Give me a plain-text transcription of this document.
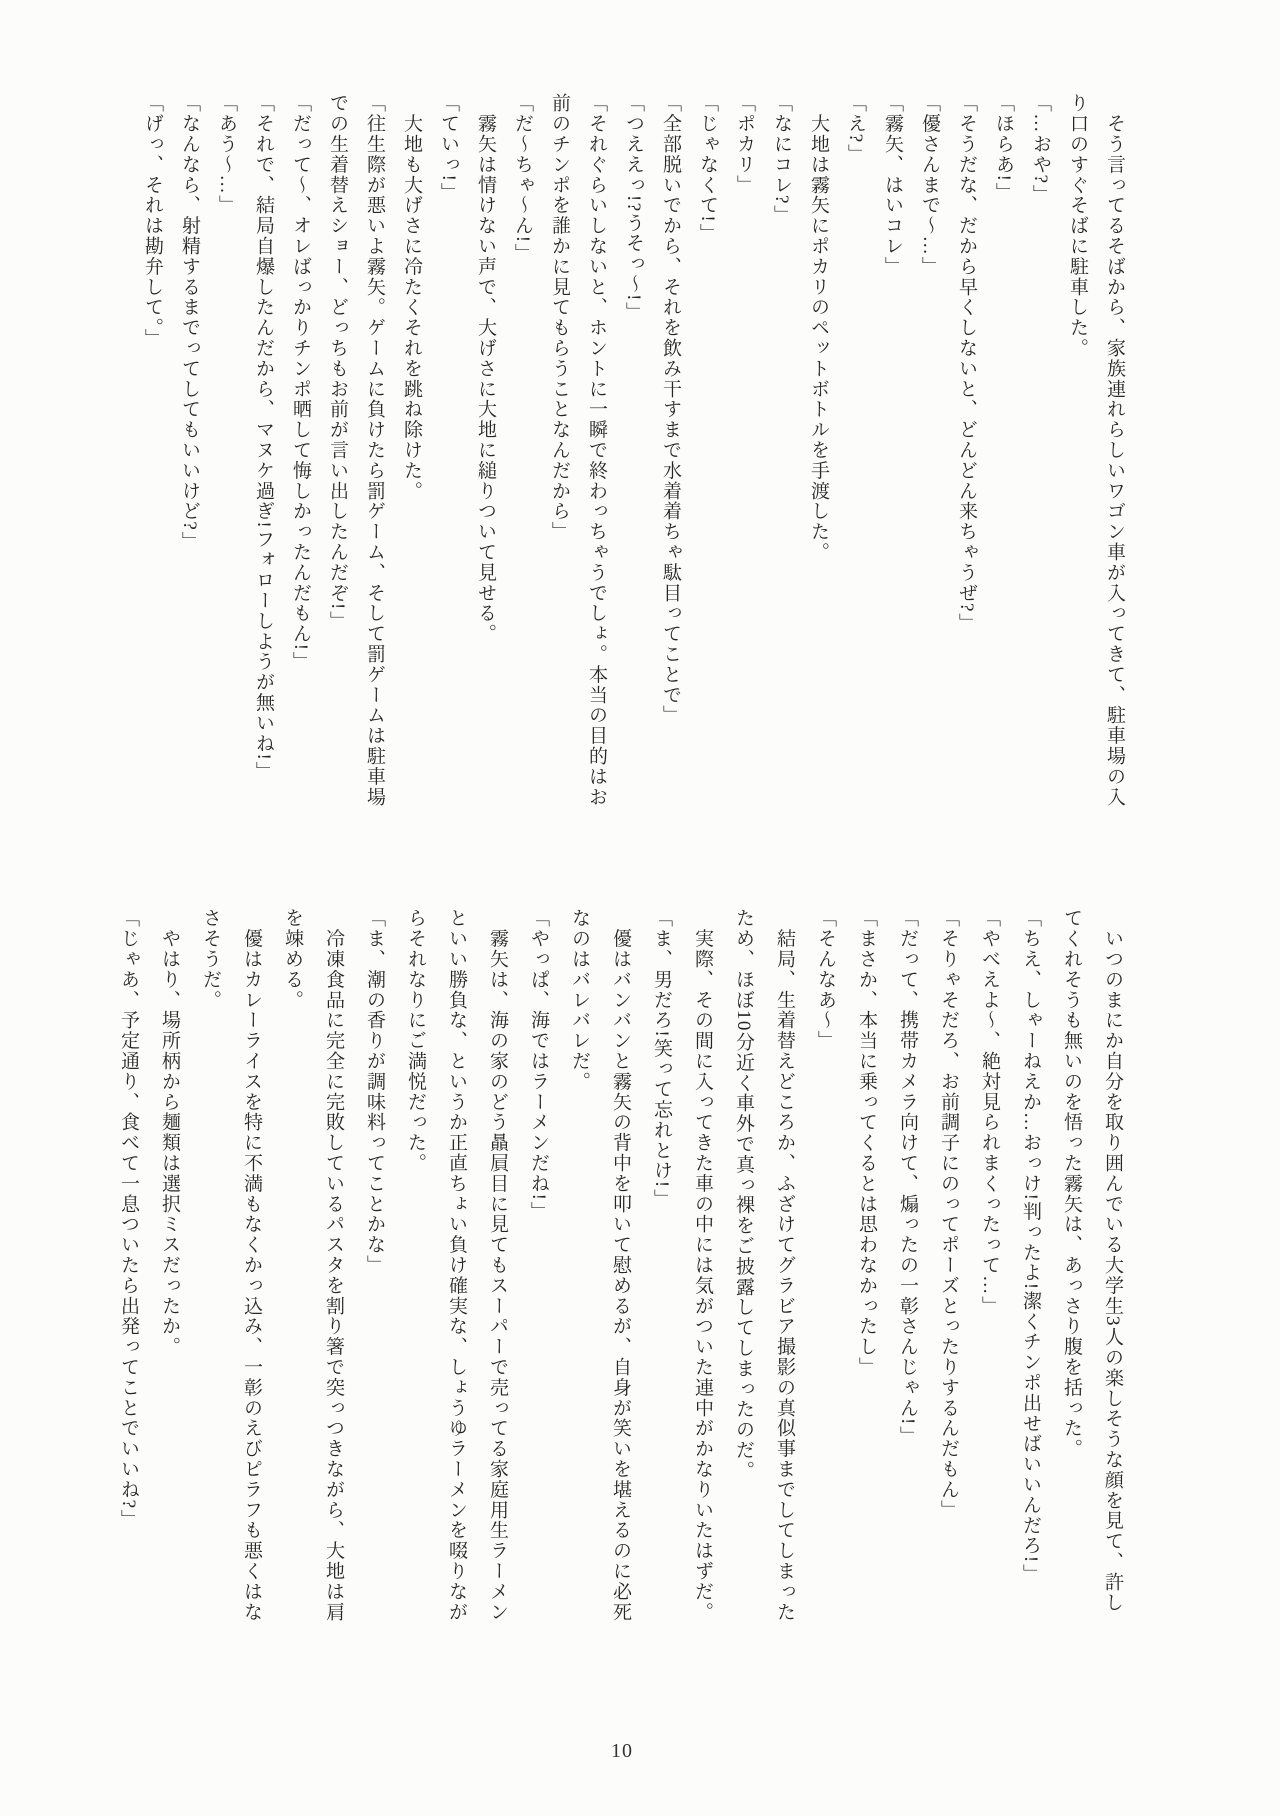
　そう言ってるそばから、家族連れらしいワゴン車が入ってきて、駐車場の入

り口のすぐそばに駐車した。

「…おや?」

「ほらあ!」

「そうだな、だから早くしないと、どんどん来ちゃうぜ?」

「優さんまで〜…」

「霧矢、はいコレ」

「え?」

　大地は霧矢にポカリのペットボトルを手渡した。

「なにコレ?」

「ポカリ」

「じゃなくて!」

「全部脱いでから、それを飲み干すまで水着着ちゃ駄目ってことで」

「つええっ!?うそっ〜!」

「それぐらいしないと、ホントに一瞬で終わっちゃうでしょ。本当の目的はお

前のチンポを誰かに見てもらうことなんだから」

「だ〜ちゃ〜ん!」

　霧矢は情けない声で、大げさに大地に縋りついて見せる。

「ていっ!」

　大地も大げさに冷たくそれを跳ね除けた。

「往生際が悪いよ霧矢。ゲームに負けたら罰ゲーム、そして罰ゲームは駐車場

での生着替えショー、どっちもお前が言い出したんだぞ!」

「だって〜、オレばっかりチンポ晒して悔しかったんだもん!」

「それで、結局自爆したんだから、マヌケ過ぎ!フォローしようが無いね!」

「あう〜…」

「なんなら、射精するまでってしてもいいけど?」

「げっ、それは勘弁して。」

　いつのまにか自分を取り囲んでいる大学生3人の楽しそうな顔を見て、許し

てくれそうも無いのを悟った霧矢は、あっさり腹を括った。

「ちえ、しゃーねえか…おっけ!判ったよ!潔くチンポ出せばいいんだろ!」

「やべえよ〜、絶対見られまくったって…」

「そりゃそだろ、お前調子にのってポーズとったりするんだもん」

「だって、携帯カメラ向けて、煽ったの一彰さんじゃん!」

「まさか、本当に乗ってくるとは思わなかったし」

「そんなあ〜」

　結局、生着替えどころか、ふざけてグラビア撮影の真似事までしてしまった

ため、ほぼ10分近く車外で真っ裸をご披露してしまったのだ。

　実際、その間に入ってきた車の中には気がついた連中がかなりいたはずだ。

「ま、男だろ!笑って忘れとけ!」

　優はバンバンと霧矢の背中を叩いて慰めるが、自身が笑いを堪えるのに必死

なのはバレバレだ。

「やっぱ、海ではラーメンだね!」

　霧矢は、海の家のどう贔屓目に見てもスーパーで売ってる家庭用生ラーメン

といい勝負な、というか正直ちょい負け確実な、しょうゆラーメンを啜りなが

らそれなりにご満悦だった。

「ま、潮の香りが調味料ってことかな」

　冷凍食品に完全に完敗しているパスタを割り箸で突っつきながら、大地は肩

を竦める。

　優はカレーライスを特に不満もなくかっ込み、一彰のえびピラフも悪くはな

さそうだ。

　やはり、場所柄から麺類は選択ミスだったか。

「じゃあ、予定通り、食べて一息ついたら出発ってことでいいね?」

10
